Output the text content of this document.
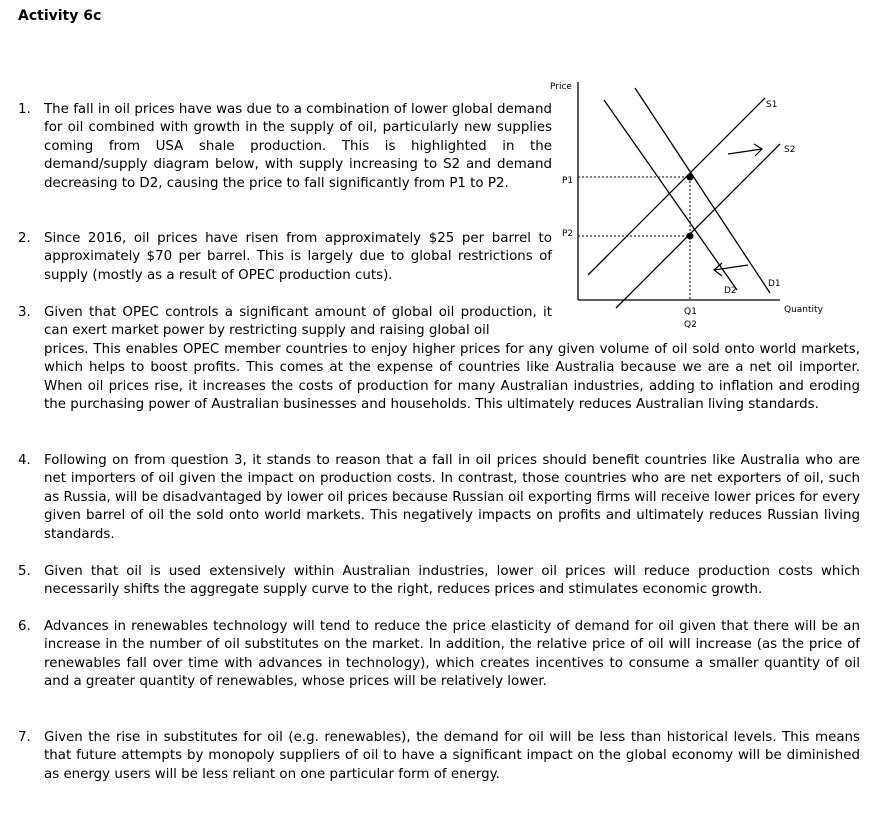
Activity 6c
1. The fall in oil prices have was due to a combination of lower global demand for oil combined with growth in the supply of oil, particularly new supplies coming from USA shale production. This is highlighted in the demand/supply diagram below, with supply increasing to S2 and demand decreasing to D2, causing the price to fall significantly from P1 to P2.
2. Since 2016, oil prices have risen from approximately $25 per barrel to approximately $70 per barrel. This is largely due to global restrictions of supply (mostly as a result of OPEC production cuts).
3. Given that OPEC controls a significant amount of global oil production, it can exert market power by restricting supply and raising global oil
prices. This enables OPEC member countries to enjoy higher prices for any given volume of oil sold onto world markets, which helps to boost profits. This comes at the expense of countries like Australia because we are a net oil importer. When oil prices rise, it increases the costs of production for many Australian industries, adding to inflation and eroding the purchasing power of Australian businesses and households. This ultimately reduces Australian living standards.
4. Following on from question 3, it stands to reason that a fall in oil prices should benefit countries like Australia who are net importers of oil given the impact on production costs. In contrast, those countries who are net exporters of oil, such as Russia, will be disadvantaged by lower oil prices because Russian oil exporting firms will receive lower prices for every given barrel of oil the sold onto world markets. This negatively impacts on profits and ultimately reduces Russian living standards.
5. Given that oil is used extensively within Australian industries, lower oil prices will reduce production costs which necessarily shifts the aggregate supply curve to the right, reduces prices and stimulates economic growth.
6. Advances in renewables technology will tend to reduce the price elasticity of demand for oil given that there will be an increase in the number of oil substitutes on the market. In addition, the relative price of oil will increase (as the price of renewables fall over time with advances in technology), which creates incentives to consume a smaller quantity of oil and a greater quantity of renewables, whose prices will be relatively lower.
7. Given the rise in substitutes for oil (e.g. renewables), the demand for oil will be less than historical levels. This means that future attempts by monopoly suppliers of oil to have a significant impact on the global economy will be diminished as energy users will be less reliant on one particular form of energy.
Price
Quantity
S1
S2
D1
D2
P1
P2
Q1
Q2
